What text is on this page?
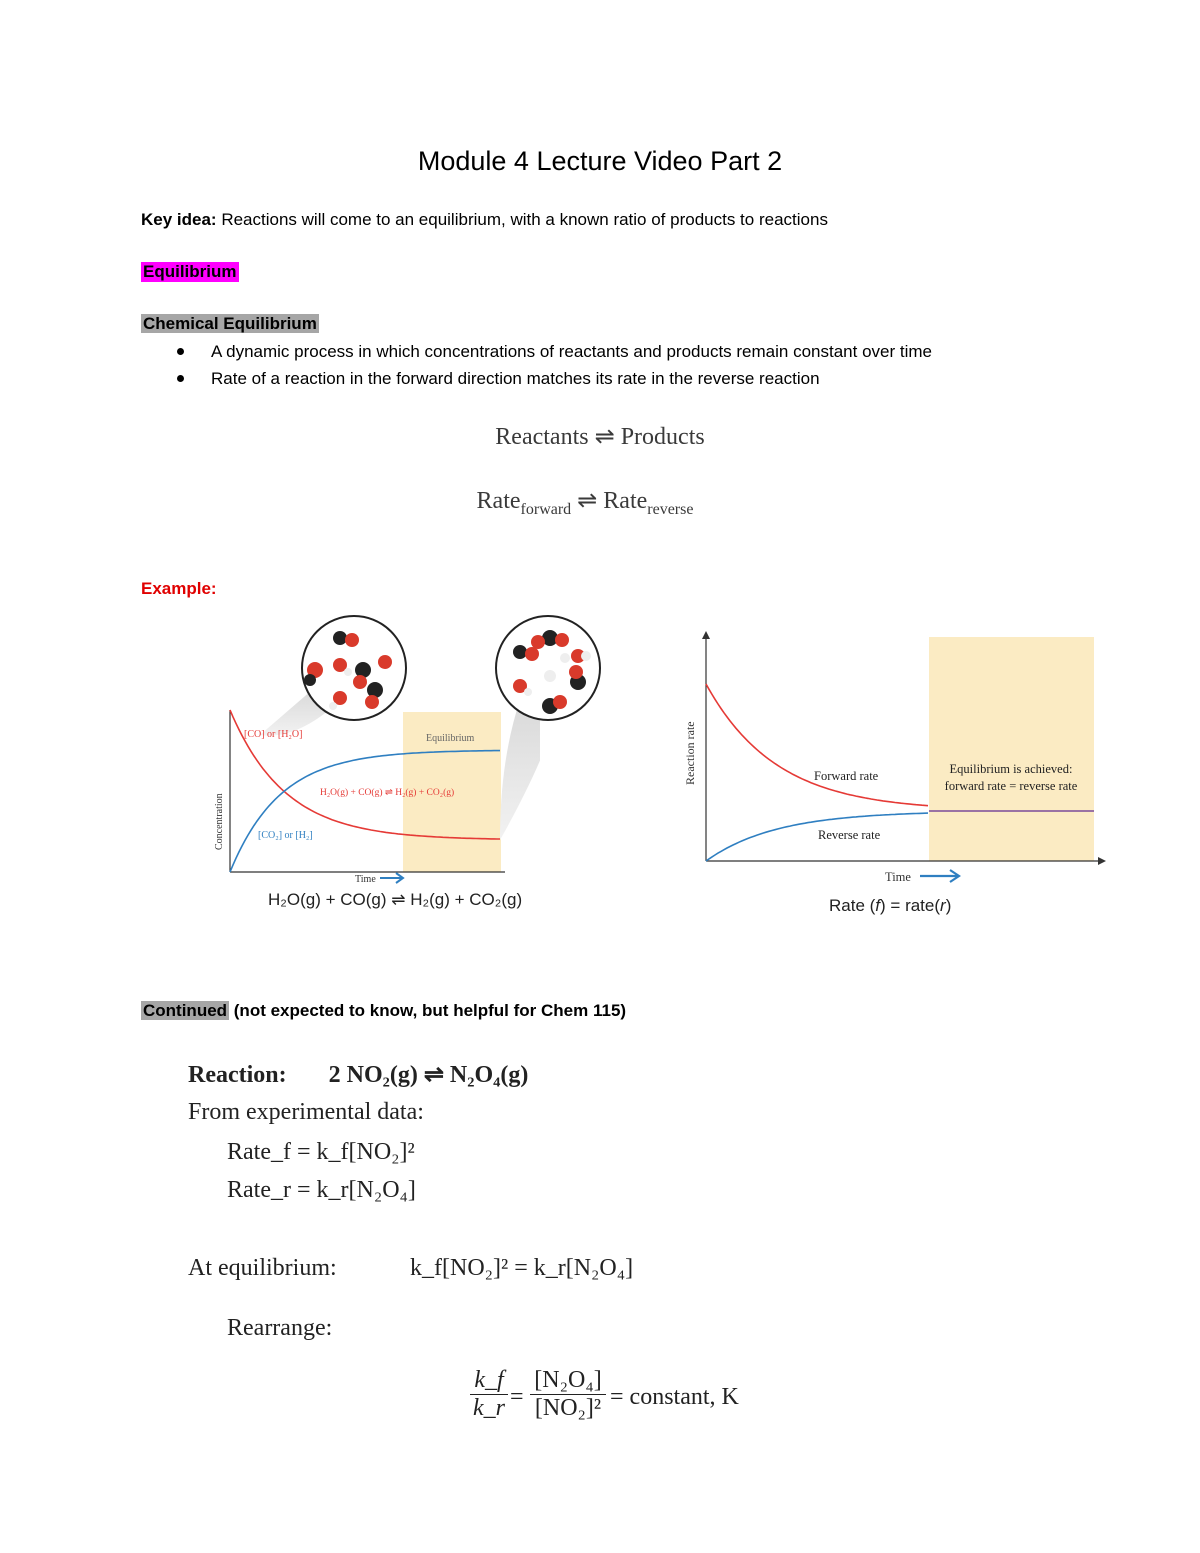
Module 4 Lecture Video Part 2
Key idea: Reactions will come to an equilibrium, with a known ratio of products to reactions
Equilibrium
Chemical Equilibrium
A dynamic process in which concentrations of reactants and products remain constant over time
Rate of a reaction in the forward direction matches its rate in the reverse reaction
Reactants ⇌ Products
Rate$_{forward}$ ⇌ Rate$_{reverse}$
Example:
[CO] or [H₂O]
[CO₂] or [H₂]
Equilibrium
H₂O(g) + CO(g) ⇌ H₂(g) + CO₂(g)
Concentration
Time
H₂O(g) + CO(g) ⇌ H₂(g) + CO₂(g)
Reaction rate	Forward rate
Reverse rate
Equilibrium is achieved:
forward rate = reverse rate
Time
Rate (f) = rate(r)
Continued (not expected to know, but helpful for Chem 115)
Reaction: 2 NO₂(g) ⇌ N₂O₄(g)
From experimental data:
Rate_f = k_f[NO₂]²
Rate_r = k_r[N₂O₄]
At equilibrium:	k_f[NO₂]² = k_r[N₂O₄]
Rearrange:
k_f
k_r =
[N₂O₄]
[NO₂]² = constant, K
